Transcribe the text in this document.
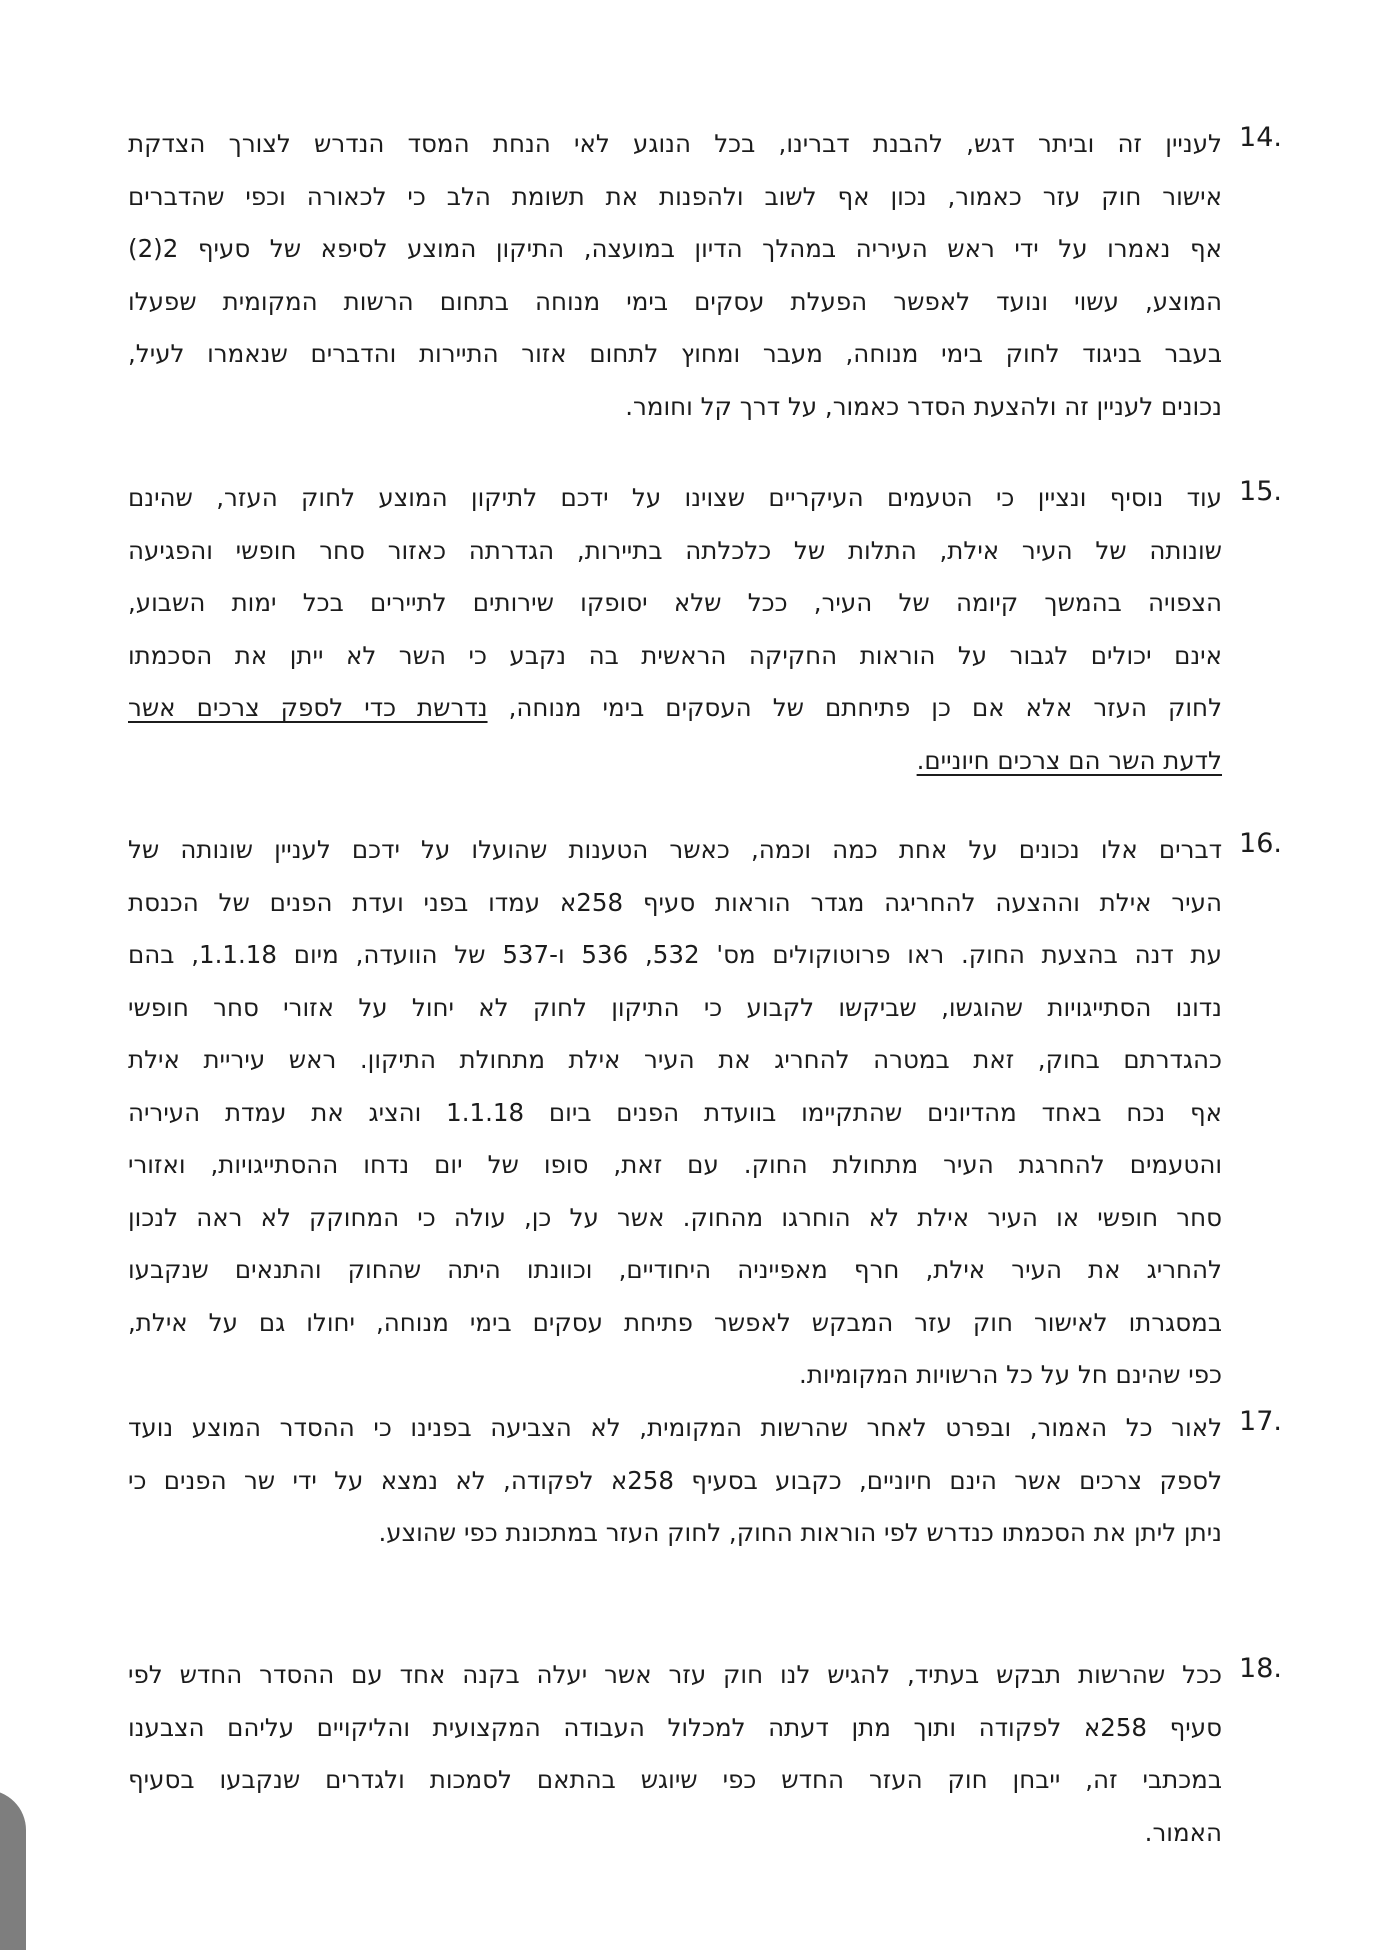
14.
לעניין זה וביתר דגש, להבנת דברינו, בכל הנוגע לאי הנחת המסד הנדרש לצורך הצדקת
אישור חוק עזר כאמור, נכון אף לשוב ולהפנות את תשומת הלב כי לכאורה וכפי שהדברים
אף נאמרו על ידי ראש העיריה במהלך הדיון במועצה, התיקון המוצע לסיפא של סעיף 2(2)
המוצע, עשוי ונועד לאפשר הפעלת עסקים בימי מנוחה בתחום הרשות המקומית שפעלו
בעבר בניגוד לחוק בימי מנוחה, מעבר ומחוץ לתחום אזור התיירות והדברים שנאמרו לעיל,
נכונים לעניין זה ולהצעת הסדר כאמור, על דרך קל וחומר.
15.
עוד נוסיף ונציין כי הטעמים העיקריים שצוינו על ידכם לתיקון המוצע לחוק העזר, שהינם
שונותה של העיר אילת, התלות של כלכלתה בתיירות, הגדרתה כאזור סחר חופשי והפגיעה
הצפויה בהמשך קיומה של העיר, ככל שלא יסופקו שירותים לתיירים בכל ימות השבוע,
אינם יכולים לגבור על הוראות החקיקה הראשית בה נקבע כי השר לא ייתן את הסכמתו
לחוק העזר אלא אם כן פתיחתם של העסקים בימי מנוחה, נדרשת כדי לספק צרכים אשר
לדעת השר הם צרכים חיוניים.
16.
דברים אלו נכונים על אחת כמה וכמה, כאשר הטענות שהועלו על ידכם לעניין שונותה של
העיר אילת וההצעה להחריגה מגדר הוראות סעיף 258א עמדו בפני ועדת הפנים של הכנסת
עת דנה בהצעת החוק. ראו פרוטוקולים מס' 532, 536 ו-537 של הוועדה, מיום 1.1.18, בהם
נדונו הסתייגויות שהוגשו, שביקשו לקבוע כי התיקון לחוק לא יחול על אזורי סחר חופשי
כהגדרתם בחוק, זאת במטרה להחריג את העיר אילת מתחולת התיקון. ראש עיריית אילת
אף נכח באחד מהדיונים שהתקיימו בוועדת הפנים ביום 1.1.18 והציג את עמדת העיריה
והטעמים להחרגת העיר מתחולת החוק. עם זאת, סופו של יום נדחו ההסתייגויות, ואזורי
סחר חופשי או העיר אילת לא הוחרגו מהחוק. אשר על כן, עולה כי המחוקק לא ראה לנכון
להחריג את העיר אילת, חרף מאפייניה היחודיים, וכוונתו היתה שהחוק והתנאים שנקבעו
במסגרתו לאישור חוק עזר המבקש לאפשר פתיחת עסקים בימי מנוחה, יחולו גם על אילת,
כפי שהינם חל על כל הרשויות המקומיות.
17.
לאור כל האמור, ובפרט לאחר שהרשות המקומית, לא הצביעה בפנינו כי ההסדר המוצע נועד
לספק צרכים אשר הינם חיוניים, כקבוע בסעיף 258א לפקודה, לא נמצא על ידי שר הפנים כי
ניתן ליתן את הסכמתו כנדרש לפי הוראות החוק, לחוק העזר במתכונת כפי שהוצע.
18.
ככל שהרשות תבקש בעתיד, להגיש לנו חוק עזר אשר יעלה בקנה אחד עם ההסדר החדש לפי
סעיף 258א לפקודה ותוך מתן דעתה למכלול העבודה המקצועית והליקויים עליהם הצבענו
במכתבי זה, ייבחן חוק העזר החדש כפי שיוגש בהתאם לסמכות ולגדרים שנקבעו בסעיף
האמור.
